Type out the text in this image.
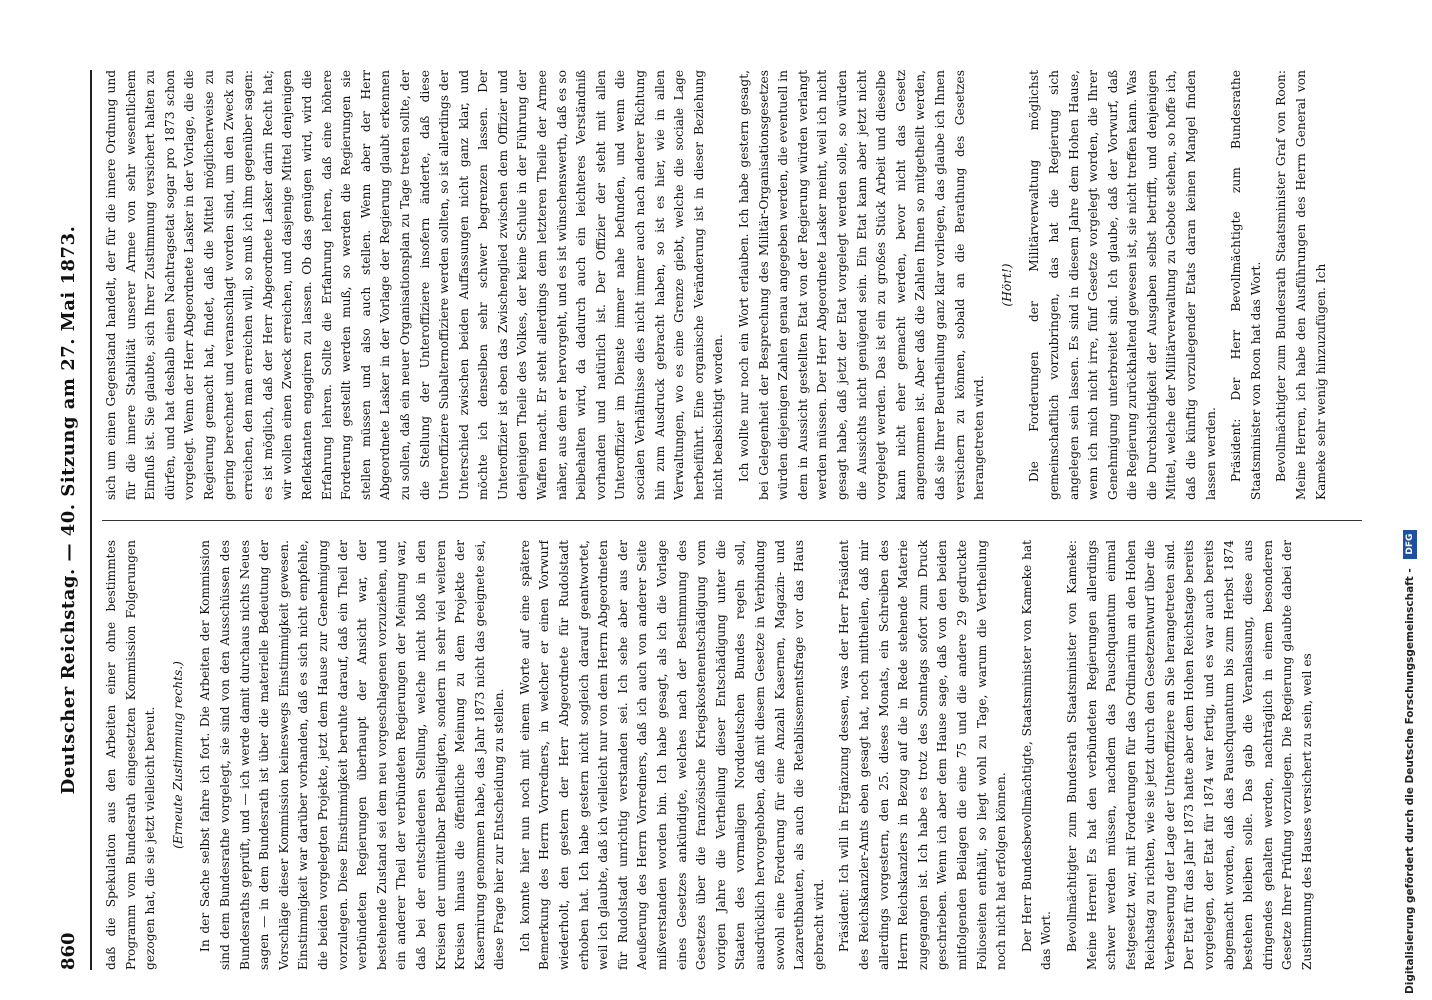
860
Deutscher Reichstag. — 40. Sitzung am 27. Mai 1873. daß die Spekulation aus den Arbeiten einer ohne bestimmtes Programm vom Bundesrath eingesetzten Kommission Folgerungen gezogen hat, die sie jetzt vielleicht bereut. (Erneute Zustimmung rechts.) In der Sache selbst fahre ich fort. Die Arbeiten der Kommission sind dem Bundesrathe vorgelegt, sie sind von den Ausschüssen des Bundesraths geprüft, und — ich werde damit durchaus nichts Neues sagen — in dem Bundesrath ist über die materielle Bedeutung der Vorschläge dieser Kommission keineswegs Einstimmigkeit gewesen. Einstimmigkeit war darüber vorhanden, daß es sich nicht empfehle, die beiden vorgelegten Projekte, jetzt dem Hause zur Genehmigung vorzulegen. Diese Einstimmigkeit beruhte darauf, daß ein Theil der verbündeten Regierungen überhaupt der Ansicht war, der bestehende Zustand sei dem neu vorgeschlagenen vorzuziehen, und ein anderer Theil der verbündeten Regierungen der Meinung war, daß bei der entschiedenen Stellung, welche nicht bloß in den Kreisen der unmittelbar Betheiligten, sondern in sehr viel weiteren Kreisen hinaus die öffentliche Meinung zu dem Projekte der Kasernirung genommen habe, das Jahr 1873 nicht das geeignete sei, diese Frage hier zur Entscheidung zu stellen. Ich konnte hier nun noch mit einem Worte auf eine spätere Bemerkung des Herrn Vorredners, in welcher er einen Vorwurf wiederholt, den gestern der Herr Abgeordnete für Rudolstadt erhoben hat. Ich habe gestern nicht sogleich darauf geantwortet, weil ich glaubte, daß ich vielleicht nur von dem Herrn Abgeordneten für Rudolstadt unrichtig verstanden sei. Ich sehe aber aus der Aeußerung des Herrn Vorredners, daß ich auch von anderer Seite mißverstanden worden bin. Ich habe gesagt, als ich die Vorlage eines Gesetzes ankündigte, welches nach der Bestimmung des Gesetzes über die französische Kriegskostenentschädigung vom vorigen Jahre die Vertheilung dieser Entschädigung unter die Staaten des vormaligen Norddeutschen Bundes regeln soll, ausdrücklich hervorgehoben, daß mit diesem Gesetze in Verbindung sowohl eine Forderung für eine Anzahl Kasernen, Magazin- und Lazarethbauten, als auch die Retablissementsfrage vor das Haus gebracht wird. Präsident: Ich will in Ergänzung dessen, was der Herr Präsident des Reichskanzler-Amts eben gesagt hat, noch mittheilen, daß mir allerdings vorgestern, den 25. dieses Monats, ein Schreiben des Herrn Reichskanzlers in Bezug auf die in Rede stehende Materie zugegangen ist. Ich habe es trotz des Sonntags sofort zum Druck geschrieben. Wenn ich aber dem Hause sage, daß von den beiden mitfolgenden Beilagen die eine 75 und die andere 29 gedruckte Folioseiten enthält, so liegt wohl zu Tage, warum die Vertheilung noch nicht hat erfolgen können. Der Herr Bundesbevollmächtigte, Staatsminister von Kameke hat das Wort. Bevollmächtigter zum Bundesrath Staatsminister von Kameke: Meine Herren! Es hat den verbündeten Regierungen allerdings schwer werden müssen, nachdem das Pauschquantum einmal festgesetzt war, mit Forderungen für das Ordinarium an den Hohen Reichstag zu richten, wie sie jetzt durch den Gesetzentwurf über die Verbesserung der Lage der Unteroffiziere an Sie herangetreten sind. Der Etat für das Jahr 1873 hatte aber dem Hohen Reichstage bereits vorgelegen, der Etat für 1874 war fertig, und es war auch bereits abgemacht worden, daß das Pauschquantum bis zum Herbst 1874 bestehen bleiben solle. Das gab die Veranlassung, diese aus dringendes gehalten werden, nachträglich in einem besonderen Gesetze Ihrer Prüfung vorzulegen. Die Regierung glaubte dabei der Zustimmung des Hauses versichert zu sein, weil es

sich um einen Gegenstand handelt, der für die innere Ordnung und für die innere Stabilität unserer Armee von sehr wesentlichem Einfluß ist. Sie glaubte, sich Ihrer Zustimmung versichert halten zu dürfen, und hat deshalb einen Nachtragsetat sogar pro 1873 schon vorgelegt. Wenn der Herr Abgeordnete Lasker in der Vorlage, die die Regierung gemacht hat, findet, daß die Mittel möglicherweise zu gering berechnet und veranschlagt worden sind, um den Zweck zu erreichen, den man erreichen will, so muß ich ihm gegenüber sagen: es ist möglich, daß der Herr Abgeordnete Lasker darin Recht hat; wir wollen einen Zweck erreichen, und dasjenige Mittel denjenigen Reflektanten engagiren zu lassen. Ob das genügen wird, wird die Erfahrung lehren. Sollte die Erfahrung lehren, daß eine höhere Forderung gestellt werden muß, so werden die Regierungen sie stellen müssen und also auch stellen. Wenn aber der Herr Abgeordnete Lasker in der Vorlage der Regierung glaubt erkennen zu sollen, daß ein neuer Organisationsplan zu Tage treten sollte, der die Stellung der Unteroffiziere insofern änderte, daß diese Unteroffiziere Subalternoffiziere werden sollten, so ist allerdings der Unterschied zwischen beiden Auffassungen nicht ganz klar, und möchte ich denselben sehr schwer begrenzen lassen. Der Unteroffizier ist eben das Zwischenglied zwischen dem Offizier und denjenigen Theile des Volkes, der keine Schule in der Führung der Waffen macht. Er steht allerdings dem letzteren Theile der Armee näher, aus dem er hervorgeht, und es ist wünschenswerth, daß es so beibehalten wird, da dadurch auch ein leichteres Verständniß vorhanden und natürlich ist. Der Offizier der steht mit allen Unteroffizier im Dienste immer nahe befunden, und wenn die socialen Verhältnisse dies nicht immer auch nach anderer Richtung hin zum Ausdruck gebracht haben, so ist es hier, wie in allen Verwaltungen, wo es eine Grenze giebt, welche die sociale Lage herbeiführt. Eine organische Veränderung ist in dieser Beziehung nicht beabsichtigt worden. Ich wollte nur noch ein Wort erlauben. Ich habe gestern gesagt, bei Gelegenheit der Besprechung des Militär-Organisationsgesetzes würden diejenigen Zahlen genau angegeben werden, die eventuell in dem in Aussicht gestellten Etat von der Regierung würden verlangt werden müssen. Der Herr Abgeordnete Lasker meint, weil ich nicht gesagt habe, daß jetzt der Etat vorgelegt werden solle, so würden die Aussichts nicht genügend sein. Ein Etat kann aber jetzt nicht vorgelegt werden. Das ist ein zu großes Stück Arbeit und dieselbe kann nicht eher gemacht werden, bevor nicht das Gesetz angenommen ist. Aber daß die Zahlen Ihnen so mitgetheilt werden, daß sie Ihrer Beurtheilung ganz klar vorliegen, das glaube ich Ihnen versichern zu können, sobald an die Berathung des Gesetzes herangetreten wird.

(Hört!) Die Forderungen der Militärverwaltung möglichst gemeinschaftlich vorzubringen, das hat die Regierung sich angelegen sein lassen. Es sind in diesem Jahre dem Hohen Hause, wenn ich mich nicht irre, fünf Gesetze vorgelegt worden, die Ihrer Genehmigung unterbreitet sind. Ich glaube, daß der Vorwurf, daß die Regierung zurückhaltend gewesen ist, sie nicht treffen kann. Was die Durchsichtigkeit der Ausgaben selbst betrifft, und denjenigen Mittel, welche der Militärverwaltung zu Gebote stehen, so hoffe ich, daß die künftig vorzulegender Etats daran keinen Mangel finden lassen werden. Präsident: Der Herr Bevollmächtigte zum Bundesrathe Staatsminister von Roon hat das Wort. Bevollmächtigter zum Bundesrath Staatsminister Graf von Roon: Meine Herren, ich habe den Ausführungen des Herrn General von Kameke sehr wenig hinzuzufügen. Ich

Digitalisierung gefördert durch die Deutsche Forschungsgemeinschaft - DFG
